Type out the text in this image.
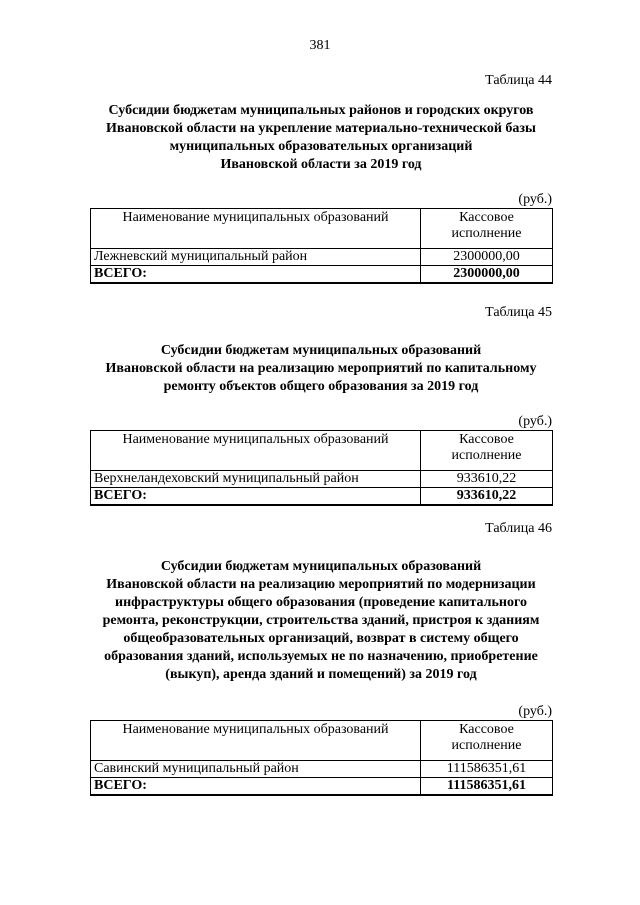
381
Таблица 44
Субсидии бюджетам муниципальных районов и городских округов
Ивановской области на укрепление материально-технической базы
муниципальных образовательных организаций
Ивановской области за 2019 год
(руб.)
Наименование муниципальных образований	Кассовое исполнение
Лежневский муниципальный район	2300000,00
ВСЕГО:	2300000,00
Таблица 45
Субсидии бюджетам муниципальных образований
Ивановской области на реализацию мероприятий по капитальному
ремонту объектов общего образования за 2019 год
(руб.)
Наименование муниципальных образований	Кассовое исполнение
Верхнеландеховский муниципальный район	933610,22
ВСЕГО:	933610,22
Таблица 46
Субсидии бюджетам муниципальных образований
Ивановской области на реализацию мероприятий по модернизации
инфраструктуры общего образования (проведение капитального
ремонта, реконструкции, строительства зданий, пристроя к зданиям
общеобразовательных организаций, возврат в систему общего
образования зданий, используемых не по назначению, приобретение
(выкуп), аренда зданий и помещений) за 2019 год
(руб.)
Наименование муниципальных образований	Кассовое исполнение
Савинский муниципальный район	111586351,61
ВСЕГО:	111586351,61
